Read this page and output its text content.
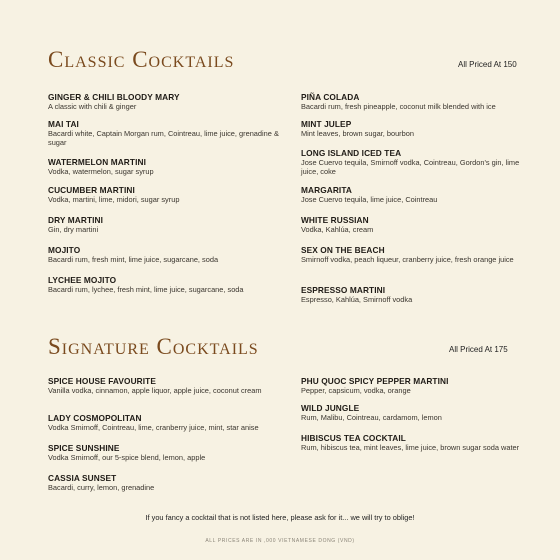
Classic Cocktails	All Priced At 150
GINGER & CHILI BLOODY MARY
A classic with chili & ginger
MAI TAI
Bacardi white, Captain Morgan rum, Cointreau, lime juice, grenadine & sugar
WATERMELON MARTINI
Vodka, watermelon, sugar syrup
CUCUMBER MARTINI
Vodka, martini, lime, midori, sugar syrup
DRY MARTINI
Gin, dry martini
MOJITO
Bacardi rum, fresh mint, lime juice, sugarcane, soda
LYCHEE MOJITO
Bacardi rum, lychee, fresh mint, lime juice, sugarcane, soda
PIÑA COLADA
Bacardi rum, fresh pineapple, coconut milk blended with ice
MINT JULEP
Mint leaves, brown sugar, bourbon
LONG ISLAND ICED TEA
Jose Cuervo tequila, Smirnoff vodka, Cointreau, Gordon's gin, lime juice, coke
MARGARITA
Jose Cuervo tequila, lime juice, Cointreau
WHITE RUSSIAN
Vodka, Kahlúa, cream
SEX ON THE BEACH
Smirnoff vodka, peach liqueur, cranberry juice, fresh orange juice
ESPRESSO MARTINI
Espresso, Kahlúa, Smirnoff vodka
Signature Cocktails	All Priced At 175
SPICE HOUSE FAVOURITE
Vanilla vodka, cinnamon, apple liquor, apple juice, coconut cream
LADY COSMOPOLITAN
Vodka Smirnoff, Cointreau, lime, cranberry juice, mint, star anise
SPICE SUNSHINE
Vodka Smirnoff, our 5-spice blend, lemon, apple
CASSIA SUNSET
Bacardi, curry, lemon, grenadine
PHU QUOC SPICY PEPPER MARTINI
Pepper, capsicum, vodka, orange
WILD JUNGLE
Rum, Malibu, Cointreau, cardamom, lemon
HIBISCUS TEA COCKTAIL
Rum, hibiscus tea, mint leaves, lime juice, brown sugar soda water
If you fancy a cocktail that is not listed here, please ask for it... we will try to oblige!
ALL PRICES ARE IN ,000 VIETNAMESE DONG (VND)
